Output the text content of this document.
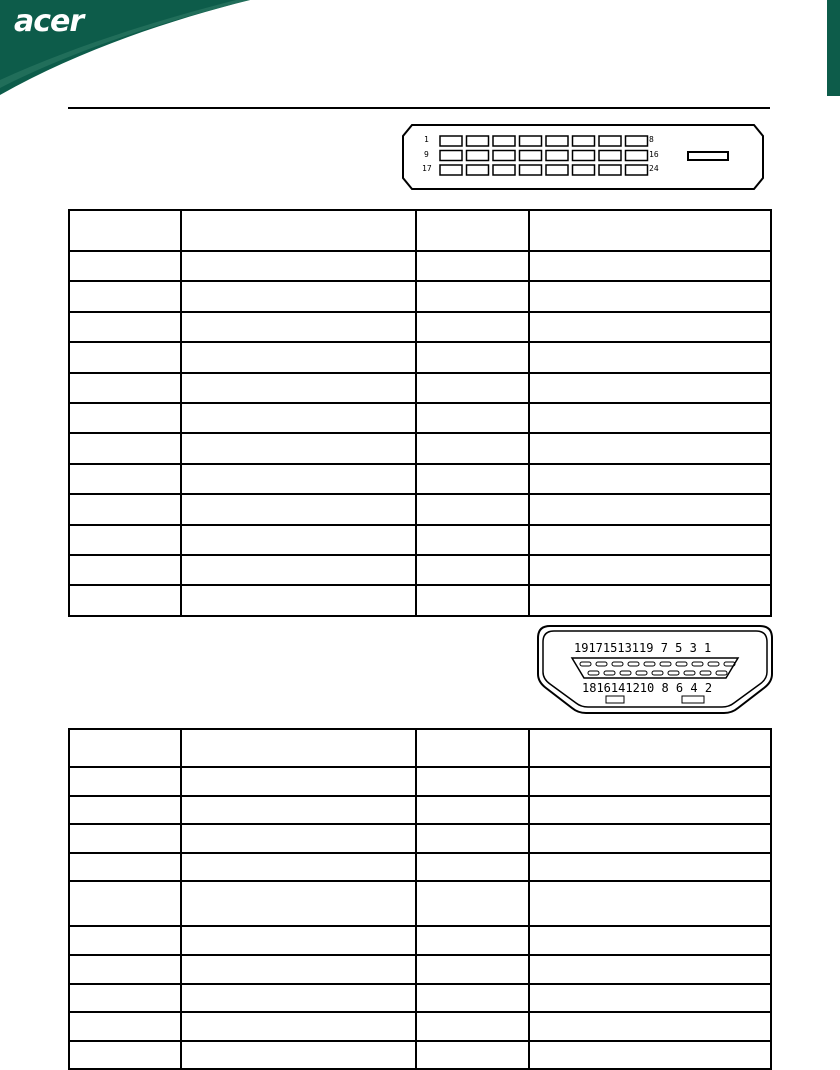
acer
1
9
17
8
16
24

19171513119 7 5 3 1
1816141210 8 6 4 2
